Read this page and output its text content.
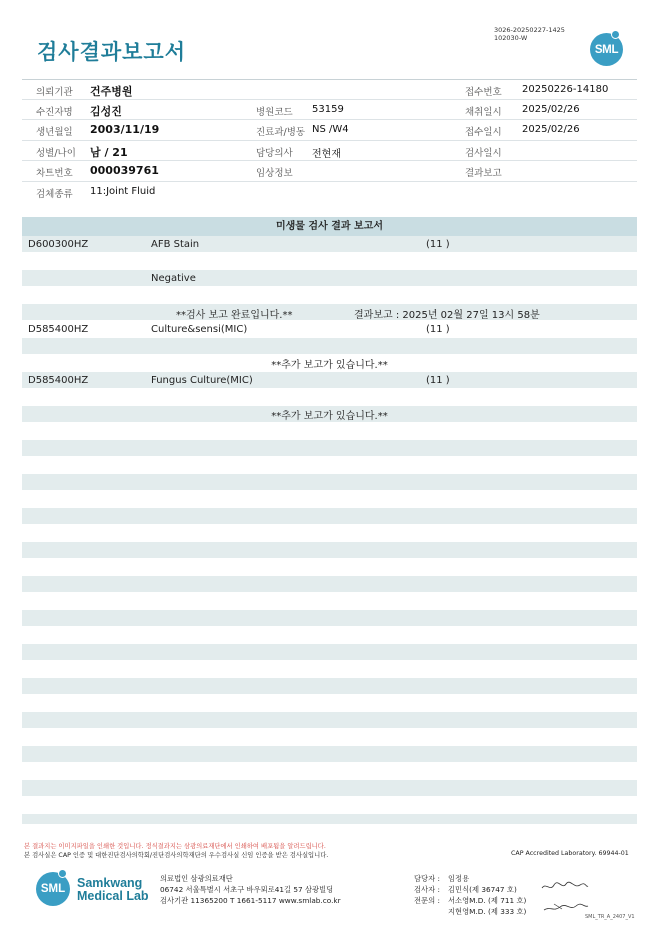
검사결과보고서
3026-20250227-1425
102030-W
SML
의뢰기관 건주병원	접수번호 20250226-14180
수진자명 김성진	병원코드 53159	채취일시 2025/02/26
생년월일 2003/11/19	진료과/병동 NS /W4	접수일시 2025/02/26
성별/나이 남 / 21	담당의사 전현재	검사일시
차트번호 000039761	임상정보	결과보고
검체종류 11:Joint Fluid
미생물 검사 결과 보고서
D600300HZ	AFB Stain	(11 )
Negative
**검사 보고 완료입니다.**	결과보고 : 2025년 02월 27일 13시 58분
D585400HZ	Culture&sensi(MIC)	(11 )
**추가 보고가 있습니다.**
D585400HZ	Fungus Culture(MIC)	(11 )
**추가 보고가 있습니다.**
본 결과지는 이미지파일을 인쇄한 것입니다. 정식결과지는 삼광의료재단에서 인쇄하여 배포됨을 알려드립니다.
본 검사실은 CAP 인증 및 대한진단검사의학회/진단검사의학재단의 우수검사실 신임 인증을 받은 검사실입니다.	CAP Accredited Laboratory. 69944-01
SML Samkwang
Medical Lab
의료법인 삼광의료재단
06742 서울특별시 서초구 바우뫼로41길 57 삼광빌딩
검사기관 11365200 T 1661-5117 www.smlab.co.kr
담당자 :	임정용
검사자 :	김민식(제 36747 호)
전문의 :	서소영M.D. (제 711 호)
지현영M.D. (제 333 호)
SML_TR_A_2407_V1
